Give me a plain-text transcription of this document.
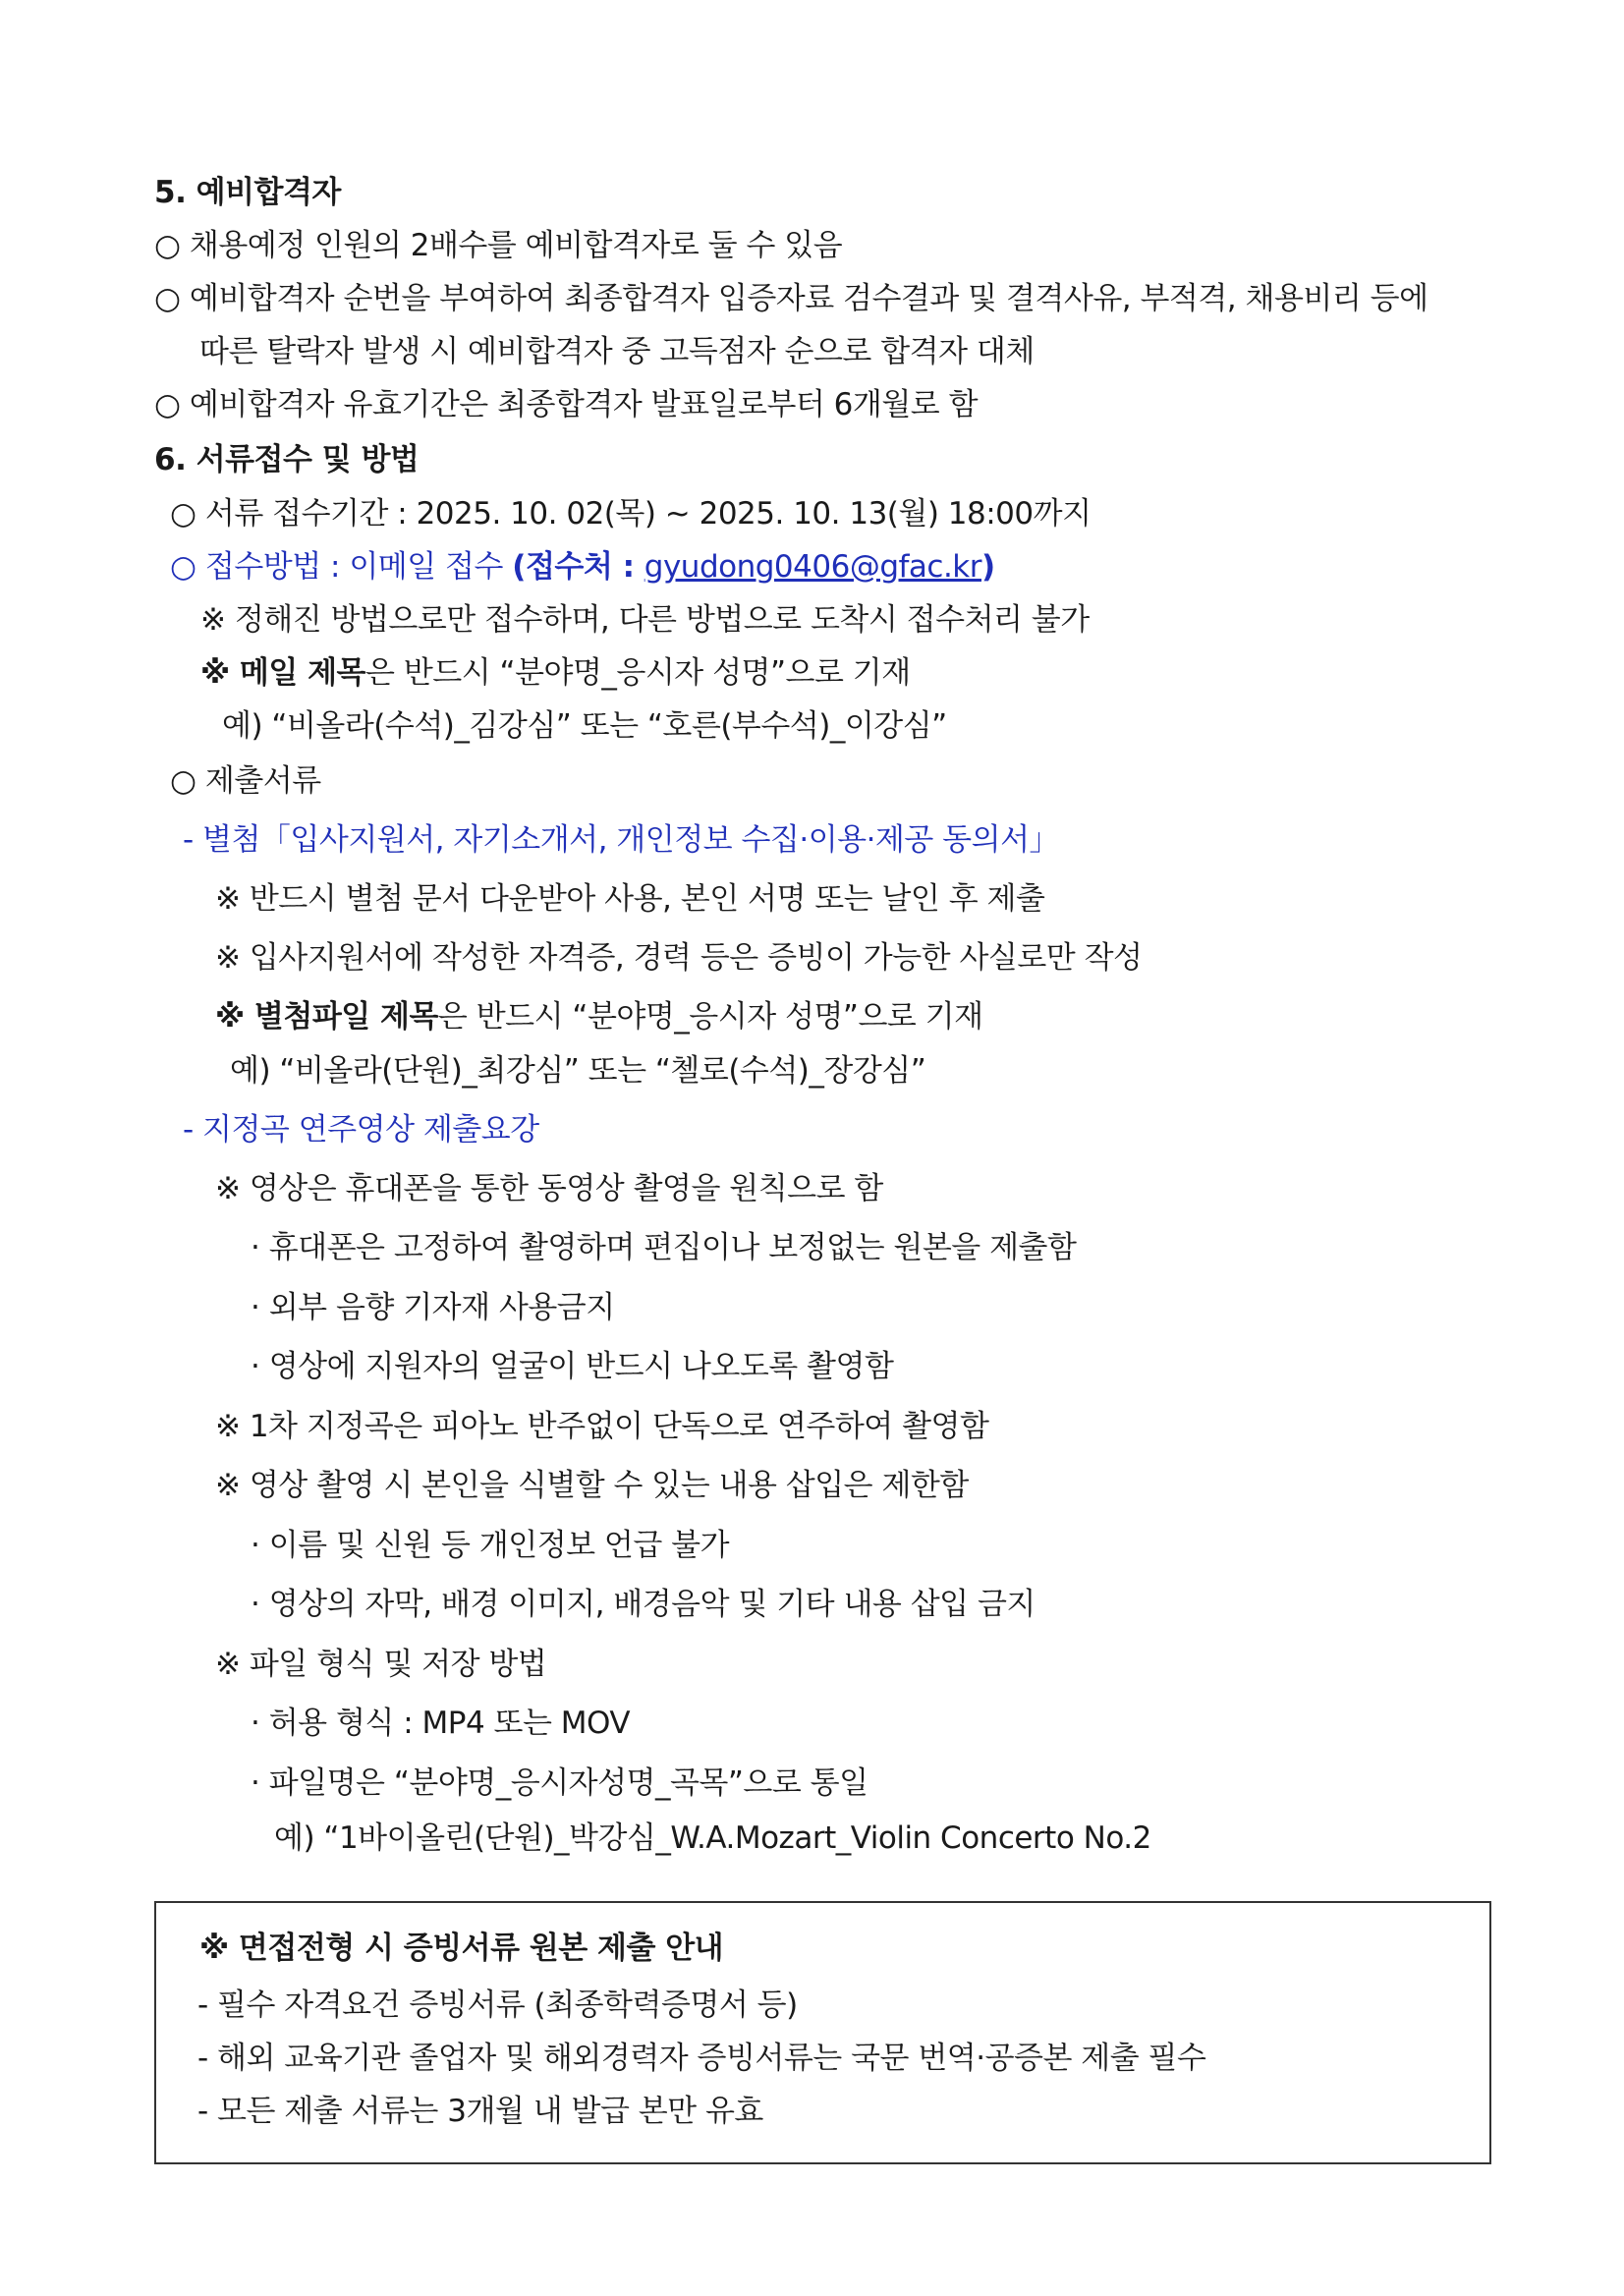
5. 예비합격자
○ 채용예정 인원의 2배수를 예비합격자로 둘 수 있음
○ 예비합격자 순번을 부여하여 최종합격자 입증자료 검수결과 및 결격사유, 부적격, 채용비리 등에
따른 탈락자 발생 시 예비합격자 중 고득점자 순으로 합격자 대체
○ 예비합격자 유효기간은 최종합격자 발표일로부터 6개월로 함
6. 서류접수 및 방법
○ 서류 접수기간 : 2025. 10. 02(목) ~ 2025. 10. 13(월) 18:00까지
○ 접수방법 : 이메일 접수 (접수처 : gyudong0406@gfac.kr)
※ 정해진 방법으로만 접수하며, 다른 방법으로 도착시 접수처리 불가
※ 메일 제목은 반드시 “분야명_응시자 성명”으로 기재
예) “비올라(수석)_김강심” 또는 “호른(부수석)_이강심”
○ 제출서류
- 별첨「입사지원서, 자기소개서, 개인정보 수집·이용·제공 동의서」
※ 반드시 별첨 문서 다운받아 사용, 본인 서명 또는 날인 후 제출
※ 입사지원서에 작성한 자격증, 경력 등은 증빙이 가능한 사실로만 작성
※ 별첨파일 제목은 반드시 “분야명_응시자 성명”으로 기재
예) “비올라(단원)_최강심” 또는 “첼로(수석)_장강심”
- 지정곡 연주영상 제출요강
※ 영상은 휴대폰을 통한 동영상 촬영을 원칙으로 함
· 휴대폰은 고정하여 촬영하며 편집이나 보정없는 원본을 제출함
· 외부 음향 기자재 사용금지
· 영상에 지원자의 얼굴이 반드시 나오도록 촬영함
※ 1차 지정곡은 피아노 반주없이 단독으로 연주하여 촬영함
※ 영상 촬영 시 본인을 식별할 수 있는 내용 삽입은 제한함
· 이름 및 신원 등 개인정보 언급 불가
· 영상의 자막, 배경 이미지, 배경음악 및 기타 내용 삽입 금지
※ 파일 형식 및 저장 방법
· 허용 형식 : MP4 또는 MOV
· 파일명은 “분야명_응시자성명_곡목”으로 통일
예) “1바이올린(단원)_박강심_W.A.Mozart_Violin Concerto No.2
※ 면접전형 시 증빙서류 원본 제출 안내
- 필수 자격요건 증빙서류 (최종학력증명서 등)
- 해외 교육기관 졸업자 및 해외경력자 증빙서류는 국문 번역·공증본 제출 필수
- 모든 제출 서류는 3개월 내 발급 본만 유효
